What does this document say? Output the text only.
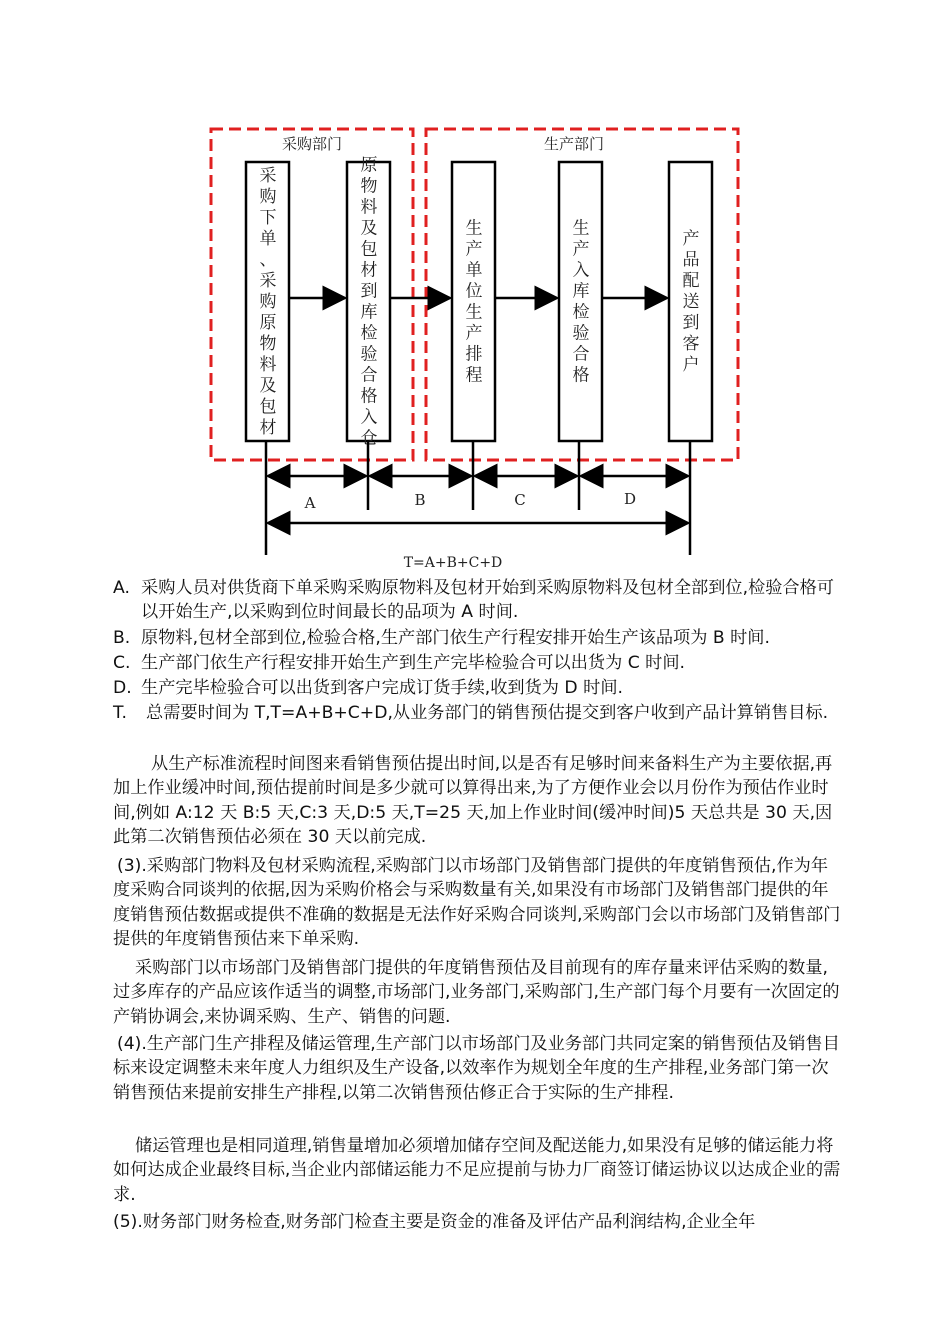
采购部门	生产部门
采购下单、采购原物料及包材
原物料及包材到库检验合格入仓
生产单位生产排程
生产入库检验合格
产品配送到客户
A	B	C	D
T=A+B+C+D
A. 采购人员对供货商下单采购采购原物料及包材开始到采购原物料及包材全部到位,检验合格可以开始生产,以采购到位时间最长的品项为 A 时间.
B. 原物料,包材全部到位,检验合格,生产部门依生产行程安排开始生产该品项为 B 时间.
C. 生产部门依生产行程安排开始生产到生产完毕检验合可以出货为 C 时间.
D. 生产完毕检验合可以出货到客户完成订货手续,收到货为 D 时间.
T.	总需要时间为 T,T=A+B+C+D,从业务部门的销售预估提交到客户收到产品计算销售目标.
从生产标准流程时间图来看销售预估提出时间,以是否有足够时间来备料生产为主要依据,再加上作业缓冲时间,预估提前时间是多少就可以算得出来,为了方便作业会以月份作为预估作业时间,例如 A:12 天 B:5 天,C:3 天,D:5 天,T=25 天,加上作业时间(缓冲时间)5 天总共是 30 天,因此第二次销售预估必须在 30 天以前完成.
(3).采购部门物料及包材采购流程,采购部门以市场部门及销售部门提供的年度销售预估,作为年度采购合同谈判的依据,因为采购价格会与采购数量有关,如果没有市场部门及销售部门提供的年度销售预估数据或提供不准确的数据是无法作好采购合同谈判,采购部门会以市场部门及销售部门提供的年度销售预估来下单采购.
采购部门以市场部门及销售部门提供的年度销售预估及目前现有的库存量来评估采购的数量,过多库存的产品应该作适当的调整,市场部门,业务部门,采购部门,生产部门每个月要有一次固定的产销协调会,来协调采购、生产、销售的问题.
(4).生产部门生产排程及储运管理,生产部门以市场部门及业务部门共同定案的销售预估及销售目标来设定调整未来年度人力组织及生产设备,以效率作为规划全年度的生产排程,业务部门第一次销售预估来提前安排生产排程,以第二次销售预估修正合于实际的生产排程.
储运管理也是相同道理,销售量增加必须增加储存空间及配送能力,如果没有足够的储运能力将如何达成企业最终目标,当企业内部储运能力不足应提前与协力厂商签订储运协议以达成企业的需求.
(5).财务部门财务检查,财务部门检查主要是资金的准备及评估产品利润结构,企业全年
